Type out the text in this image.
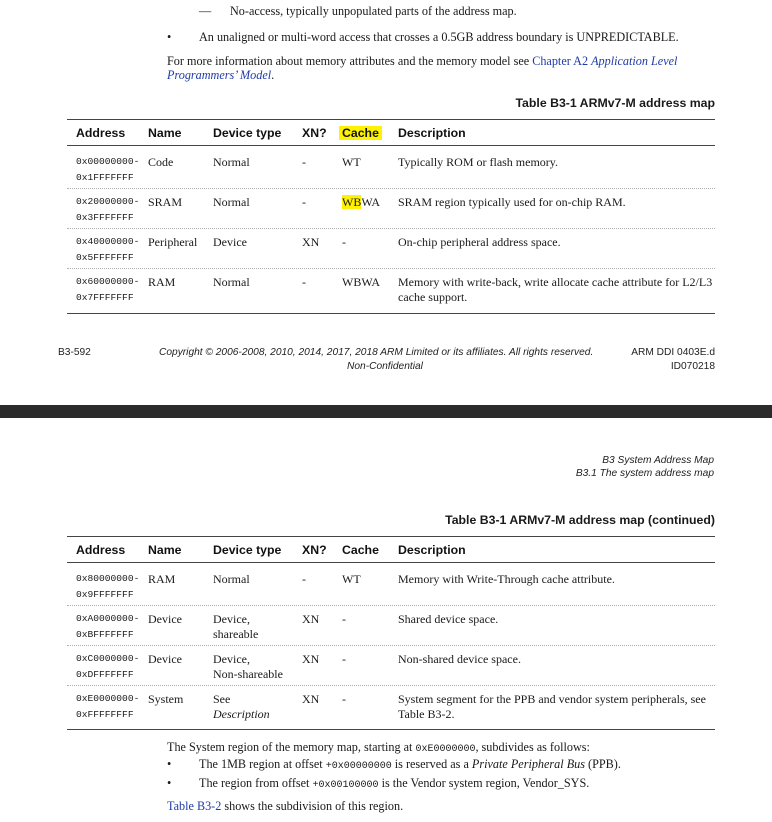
— No-access, typically unpopulated parts of the address map.
• An unaligned or multi-word access that crosses a 0.5GB address boundary is UNPREDICTABLE.
For more information about memory attributes and the memory model see Chapter A2 Application Level
Programmers’ Model.
Table B3-1 ARMv7-M address map
Address Name	Device type XN? Cache Description
0x00000000-
0x1FFFFFFF
Code	Normal	-	WT	Typically ROM or flash memory.
0x20000000-
0x3FFFFFFF
SRAM	Normal	-	WBWA SRAM region typically used for on-chip RAM.
0x40000000-
0x5FFFFFFF
Peripheral Device	XN -	On-chip peripheral address space.
0x60000000-
0x7FFFFFFF
RAM	Normal	-	WBWA Memory with write-back, write allocate cache attribute for L2/L3
cache support.
B3-592	Copyright © 2006-2008, 2010, 2014, 2017, 2018 ARM Limited or its affiliates. All rights reserved.
Non-Confidential
ARM DDI 0403E.d
ID070218
B3 System Address Map
B3.1 The system address map
Table B3-1 ARMv7-M address map (continued)
Address Name	Device type XN? Cache Description
0x80000000-
0x9FFFFFFF
RAM	Normal	-	WT	Memory with Write-Through cache attribute.
0xA0000000-
0xBFFFFFFF
Device	Device,
shareable
XN -	Shared device space.
0xC0000000-
0xDFFFFFFF
Device	Device,
Non-shareable
XN -	Non-shared device space.
0xE0000000-
0xFFFFFFFF
System See
Description
XN -	System segment for the PPB and vendor system peripherals, see
Table B3-2.
The System region of the memory map, starting at 0xE0000000, subdivides as follows:
• The 1MB region at offset +0x00000000 is reserved as a Private Peripheral Bus (PPB).
• The region from offset +0x00100000 is the Vendor system region, Vendor_SYS.
Table B3-2 shows the subdivision of this region.
